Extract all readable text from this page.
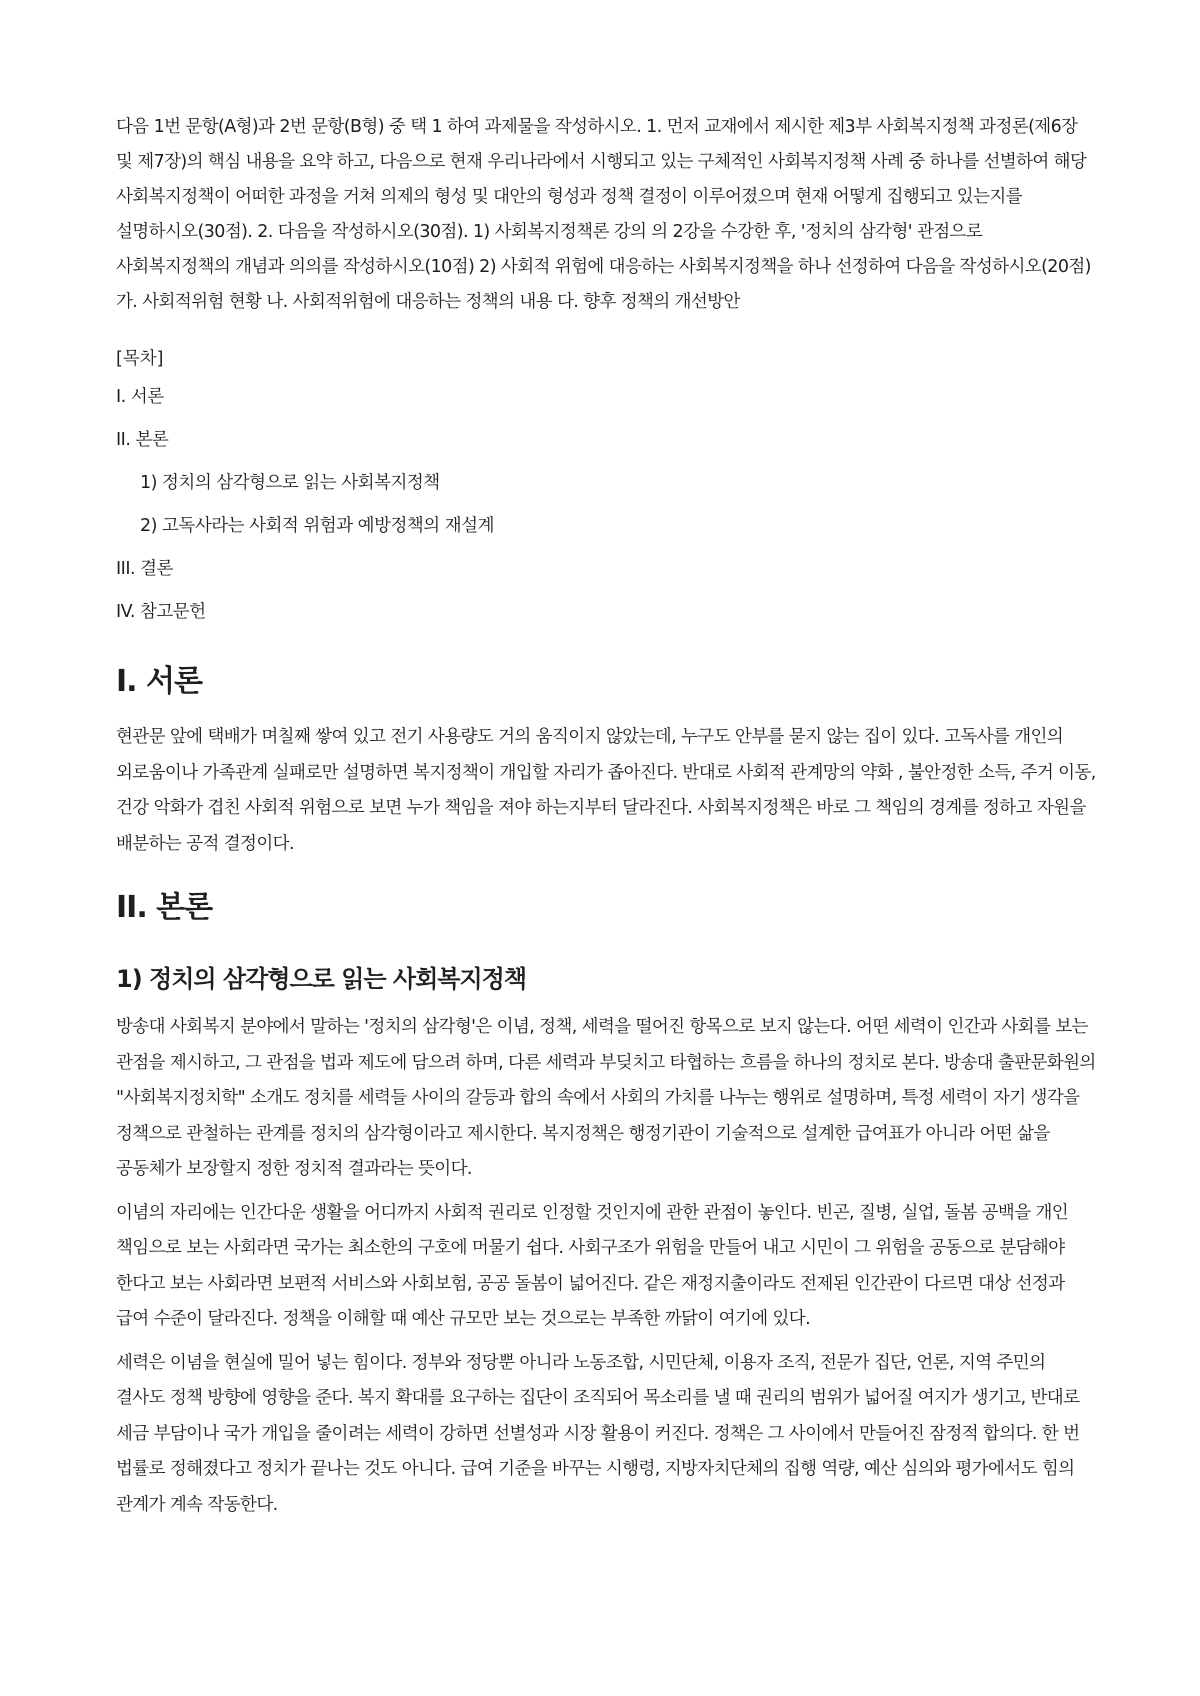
다음 1번 문항(A형)과 2번 문항(B형) 중 택 1 하여 과제물을 작성하시오. 1. 먼저 교재에서 제시한 제3부 사회복지정책 과정론(제6장 및 제7장)의 핵심 내용을 요약 하고, 다음으로 현재 우리나라에서 시행되고 있는 구체적인 사회복지정책 사례 중 하나를 선별하여 해당 사회복지정책이 어떠한 과정을 거쳐 의제의 형성 및 대안의 형성과 정책 결정이 이루어졌으며 현재 어떻게 집행되고 있는지를 설명하시오(30점). 2. 다음을 작성하시오(30점). 1) 사회복지정책론 강의 의 2강을 수강한 후, '정치의 삼각형' 관점으로 사회복지정책의 개념과 의의를 작성하시오(10점) 2) 사회적 위험에 대응하는 사회복지정책을 하나 선정하여 다음을 작성하시오(20점) 가. 사회적위험 현황 나. 사회적위험에 대응하는 정책의 내용 다. 향후 정책의 개선방안

[목차]

I. 서론
II. 본론
1) 정치의 삼각형으로 읽는 사회복지정책
2) 고독사라는 사회적 위험과 예방정책의 재설계
III. 결론
IV. 참고문헌
I. 서론

현관문 앞에 택배가 며칠째 쌓여 있고 전기 사용량도 거의 움직이지 않았는데, 누구도 안부를 묻지 않는 집이 있다. 고독사를 개인의 외로움이나 가족관계 실패로만 설명하면 복지정책이 개입할 자리가 좁아진다. 반대로 사회적 관계망의 약화 , 불안정한 소득, 주거 이동, 건강 악화가 겹친 사회적 위험으로 보면 누가 책임을 져야 하는지부터 달라진다. 사회복지정책은 바로 그 책임의 경계를 정하고 자원을 배분하는 공적 결정이다.

II. 본론
1) 정치의 삼각형으로 읽는 사회복지정책

방송대 사회복지 분야에서 말하는 '정치의 삼각형'은 이념, 정책, 세력을 떨어진 항목으로 보지 않는다. 어떤 세력이 인간과 사회를 보는 관점을 제시하고, 그 관점을 법과 제도에 담으려 하며, 다른 세력과 부딪치고 타협하는 흐름을 하나의 정치로 본다. 방송대 출판문화원의 "사회복지정치학" 소개도 정치를 세력들 사이의 갈등과 합의 속에서 사회의 가치를 나누는 행위로 설명하며, 특정 세력이 자기 생각을 정책으로 관철하는 관계를 정치의 삼각형이라고 제시한다. 복지정책은 행정기관이 기술적으로 설계한 급여표가 아니라 어떤 삶을 공동체가 보장할지 정한 정치적 결과라는 뜻이다.

이념의 자리에는 인간다운 생활을 어디까지 사회적 권리로 인정할 것인지에 관한 관점이 놓인다. 빈곤, 질병, 실업, 돌봄 공백을 개인 책임으로 보는 사회라면 국가는 최소한의 구호에 머물기 쉽다. 사회구조가 위험을 만들어 내고 시민이 그 위험을 공동으로 분담해야 한다고 보는 사회라면 보편적 서비스와 사회보험, 공공 돌봄이 넓어진다. 같은 재정지출이라도 전제된 인간관이 다르면 대상 선정과 급여 수준이 달라진다. 정책을 이해할 때 예산 규모만 보는 것으로는 부족한 까닭이 여기에 있다.

세력은 이념을 현실에 밀어 넣는 힘이다. 정부와 정당뿐 아니라 노동조합, 시민단체, 이용자 조직, 전문가 집단, 언론, 지역 주민의 결사도 정책 방향에 영향을 준다. 복지 확대를 요구하는 집단이 조직되어 목소리를 낼 때 권리의 범위가 넓어질 여지가 생기고, 반대로 세금 부담이나 국가 개입을 줄이려는 세력이 강하면 선별성과 시장 활용이 커진다. 정책은 그 사이에서 만들어진 잠정적 합의다. 한 번 법률로 정해졌다고 정치가 끝나는 것도 아니다. 급여 기준을 바꾸는 시행령, 지방자치단체의 집행 역량, 예산 심의와 평가에서도 힘의 관계가 계속 작동한다.
